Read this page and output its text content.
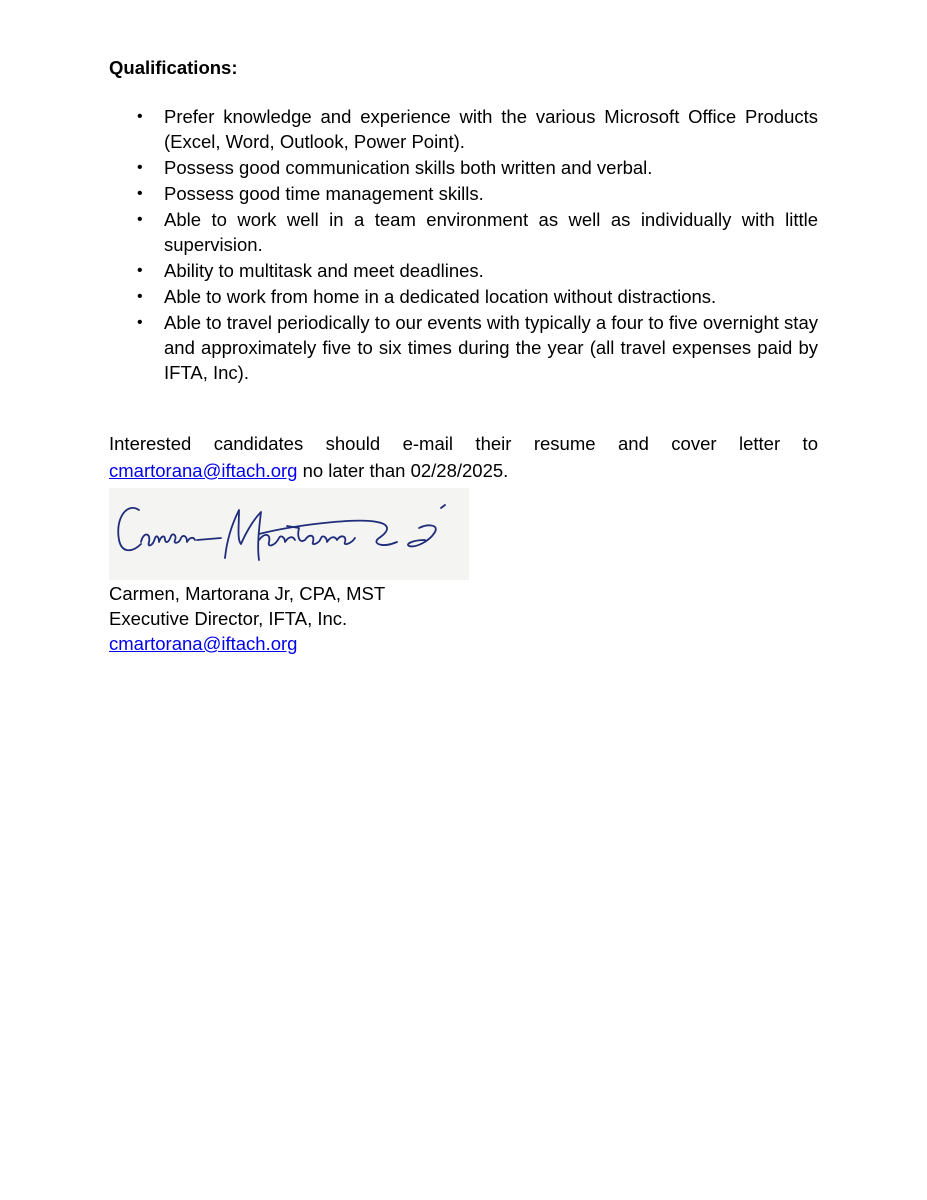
Qualifications:
• Prefer knowledge and experience with the various Microsoft Office Products (Excel, Word, Outlook, Power Point).
• Possess good communication skills both written and verbal.
• Possess good time management skills.
• Able to work well in a team environment as well as individually with little supervision.
• Ability to multitask and meet deadlines.
• Able to work from home in a dedicated location without distractions.
• Able to travel periodically to our events with typically a four to five overnight stay and approximately five to six times during the year (all travel expenses paid by IFTA, Inc).

Interested candidates should e-mail their resume and cover letter to cmartorana@iftach.org no later than 02/28/2025.

Carmen, Martorana Jr, CPA, MST
Executive Director, IFTA, Inc.
cmartorana@iftach.org
